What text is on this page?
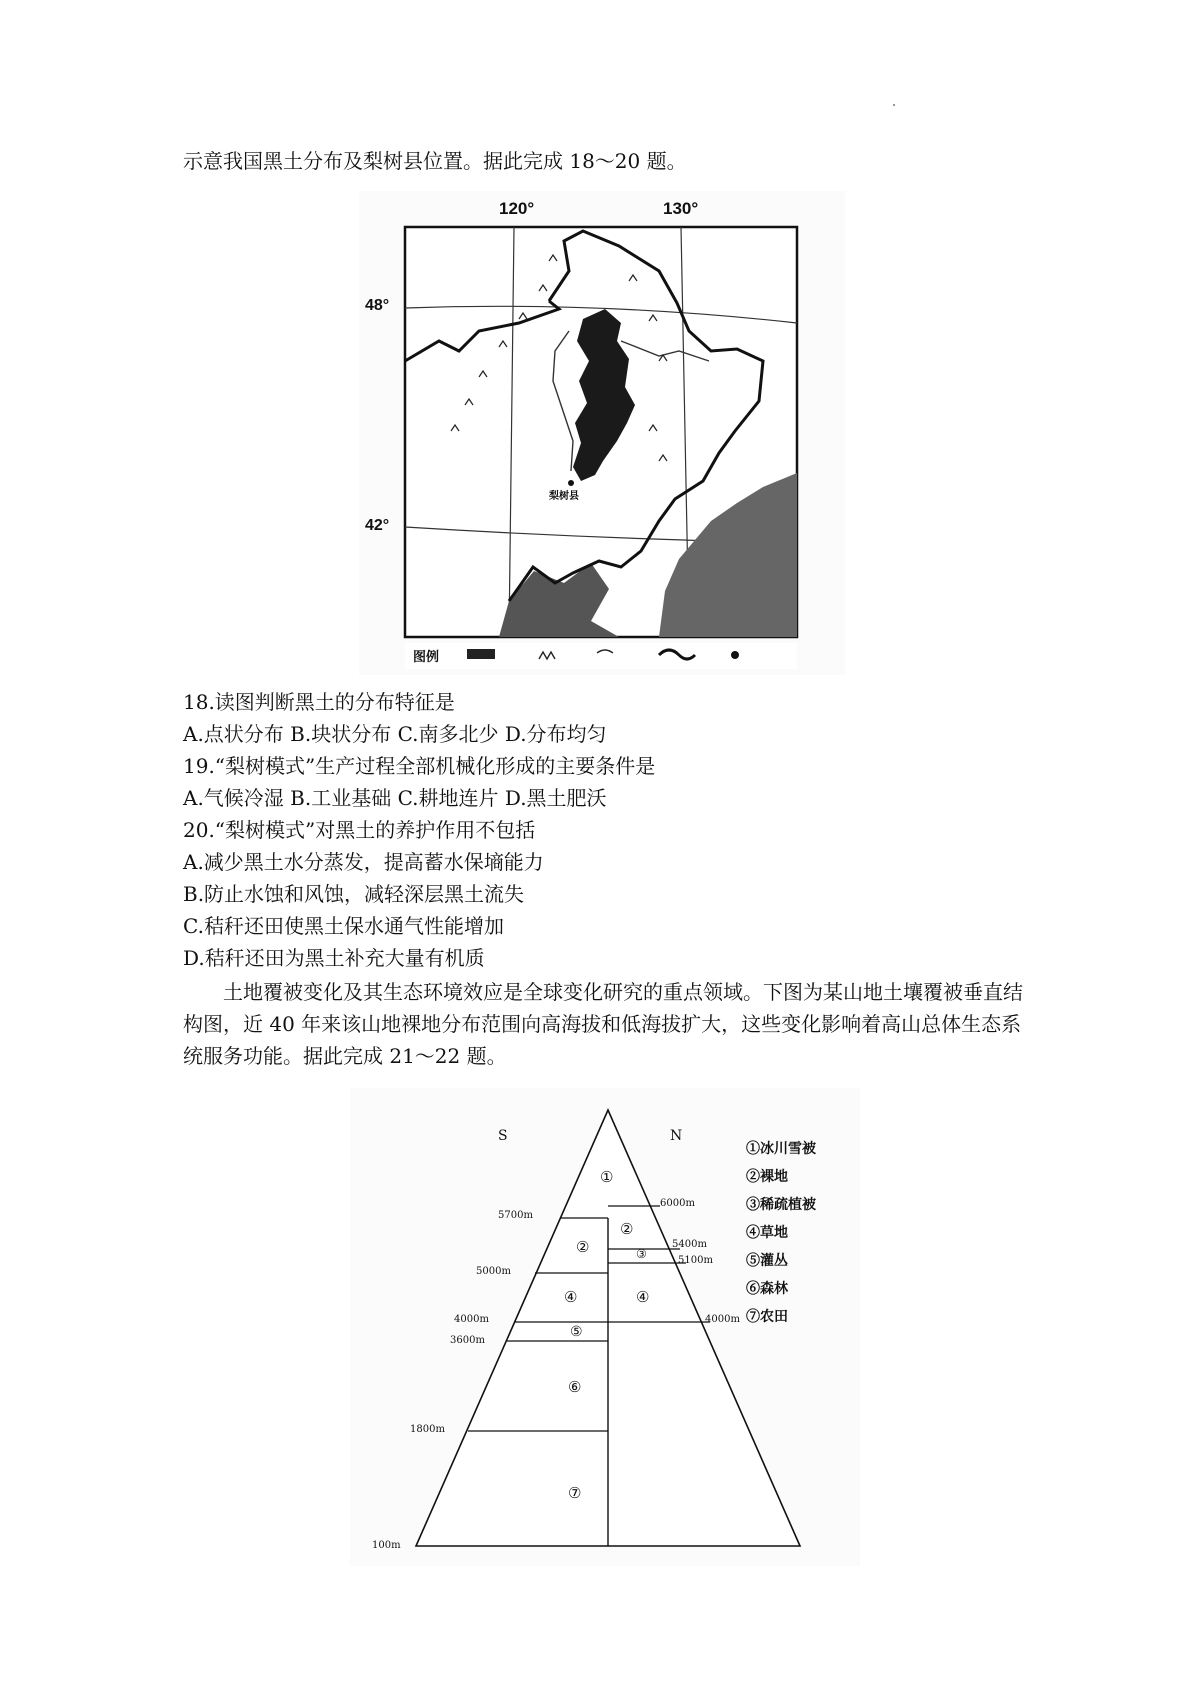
示意我国黑土分布及梨树县位置。据此完成 18～20 题。
120°	130°
48°
42°
梨树县
图例
18.读图判断黑土的分布特征是
A.点状分布 B.块状分布 C.南多北少 D.分布均匀
19.“梨树模式”生产过程全部机械化形成的主要条件是
A.气候冷湿 B.工业基础 C.耕地连片 D.黑土肥沃
20.“梨树模式”对黑土的养护作用不包括
A.减少黑土水分蒸发，提高蓄水保墒能力
B.防止水蚀和风蚀，减轻深层黑土流失
C.秸秆还田使黑土保水通气性能增加
D.秸秆还田为黑土补充大量有机质
土地覆被变化及其生态环境效应是全球变化研究的重点领域。下图为某山地土壤覆被垂直结构图，近 40 年来该山地裸地分布范围向高海拔和低海拔扩大，这些变化影响着高山总体生态系统服务功能。据此完成 21～22 题。
S	N
①
②
②
③
④	④
⑤
⑥
⑦
5700m
5000m
4000m
3600m
1800m
100m
6000m
5400m
5100m
4000m
①冰川雪被
②裸地
③稀疏植被
④草地
⑤灌丛
⑥森林
⑦农田
